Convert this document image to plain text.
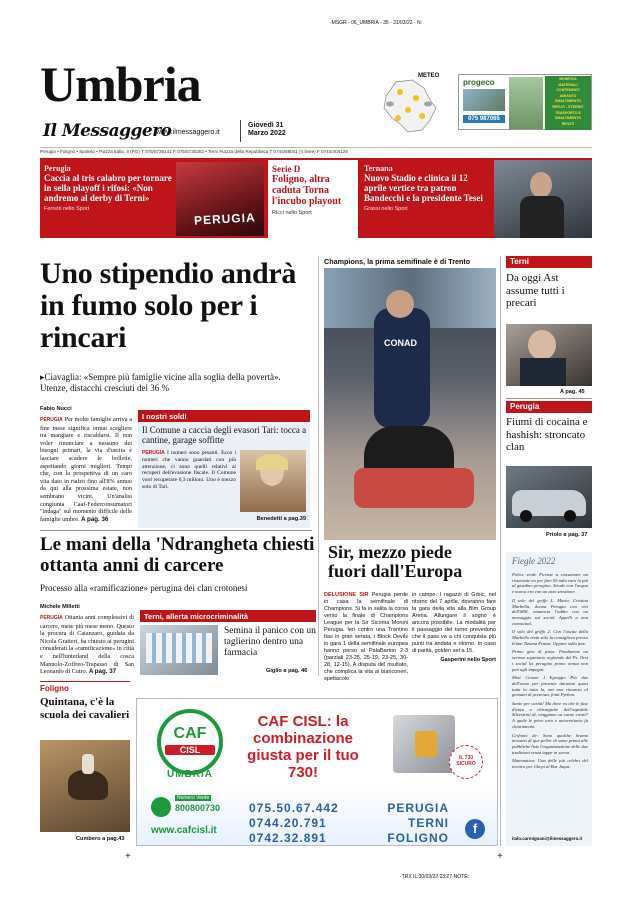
-MSGR - 06_UMBRIA - 35 - 31/03/22 - N:
-TRX IL:30/03/22 23:27-NOTE:
Umbria
Il Messaggero
www.ilmessaggero.it
Giovedì 31
Marzo 2022
METEO
progeco
075 987065
BONIFICA
MATERIALI
CONTENENTI
AMIANTO
SMALTIMENTO
RIFIUTI - ETERNIT
TRASPORTO E
SMALTIMENTO
RIFIUTI
Perugia • Foligno • Spoleto • Piazza Italia, 4 (PG) T 075/5736141 F 075/5730282 • Terni Piazza della Repubblica T 0744/58041 (4 linee) F 0744/404126
Perugia
Caccia al tris calabro per tornare in sella playoff i rifosi: «Non andremo al derby di Terni»
Ferretti nello Sport
PERUGIA
Serie D
Foligno, altra caduta Torna l'incubo playout
Ricci nello Sport
Ternana
Nuovo Stadio e clinica il 12 aprile vertice tra patron Bandecchi e la presidente Tesei
Grassi nello Sport
Uno stipendio andrà in fumo solo per i rincari
▸Ciavaglia: «Sempre più famiglie vicine alla soglia della povertà». Utenze, distacchi cresciuti del 36 %
Fabio Nucci
PERUGIA Per molte famiglie arriva a fine mese significa ormai scegliere tra mangiare e riscaldarsi. Il non voler rinunciare a nessuno dei bisogni primari, la via d'uscita è lasciare scadere le bollette, aspettando giorni migliori. Tempi che, con la prospettiva di un caro vita dato in rialzo fino all'8% annuo da qui alla prossima estate, non sembrano vicini. Un'analisi congiunta Caaf-Federconsumatori "indaga" sul momento difficile delle famiglie umbre. A pag. 36
I nostri soldi
Il Comune a caccia degli evasori Tari: tocca a cantine, garage soffitte
PERUGIA I numeri sono pesanti. Ecco i numeri che vanno guardati con più attenzione, ci sono quelli relativi ai recuperi dell'evasione fiscale. Il Comune vuol recuperare 6,3 milioni. Uno è mezzo solo di Tari.
Benedetti a pag.39
Champions, la prima semifinale è di Trento
CONAD
Sir, mezzo piede fuori dall'Europa
Terni
Da oggi Ast assume tutti i precari
A pag. 45
Perugia
Fiumi di cocaina e hashish: stroncato clan
Priolo a pag. 37
Le mani della 'Ndrangheta chiesti ottanta anni di carcere
Processo alla «ramificazione» perugina dei clan crotonesi
Michele Milletti
PERUGIA Ottanta anni complessivi di carcere, mese più mese meno. Questo la procura di Catanzaro, guidata da Nicola Gratteri, ha chiesto ai perugini considerati la «ramificazione» in città e nell'hinterland della cosca Mannolo-Zoffreo-Trapasso di San Leonardo di Cutro. A pag. 37
Terni, allerta microcriminalità
Semina il panico con un taglierino dentro una farmacia
Giglio a pag. 46
DELUSIONE SIR Perugia perde in casa la semifinale di Champions. Si fa in salita la corsa verso la finale di Champions League per la Sir Sicoma Monini Perugia. Ieri contro una Trentino Itas in gran serata, i Block Devils in gara 1 della semifinale europea hanno perso al PalaBarton 2-3 (parziali 23-25, 25-19, 23-25, 30-28, 12-15). A disputa del risultato, che complica la vita ai bianconeri, spettacolo
in campo. I ragazzi di Grbic, nel ritorno del 7 aprile, dovranno fare la gara della vita alla Blm Group Arena. Allungare il sogno è ancora possibile. La modalità per il passaggio del turno prevedono che il pass va a chi conquista più punti tra andata e ritorno. In caso di parità, golden set a 15.
Gasperini nello Sport
Foligno
Quintana, c'è la scuola dei cavalieri
Cumbero a pag.43
CAF
CISL
UMBRIA
CAF CISL: la combinazione giusta per il tuo 730!
IL 730 SICURO
Numero Verde
800800730
www.cafcisl.it
075.50.67.442	PERUGIA
0744.20.791	TERNI
0742.32.891	FOLIGNO
f
Fiegle 2022
Police verde Firenze a consumare un ristorante no per fare 50 mila euro in più al giardino perugino. Strade con l'acqua e nuova era con un asso strazione.
Il solo del griffo L. Maria. Cristina Murbella, donna Perugia con vivi dell'MSI, annuncia l'addio con un messaggio sui social. Appelli a non conosciuti.
Il solo del griffo 2. Con l'uscita della Murbello resta solo la consigliera presso Ielam Tiziana Franzi. Oppure sulla fare.
Primo giro di pista: Finalmente un serioso segretario regionale del Ps. Orsi i social lei perugino primo ormai non può agli impegni.
Moti Cenoni I Egrappo Più due dell'ossio per presente duranno quasi tutta la tutta la, ma non rinuncia al gennaio di presenza, fonti Pyrhon.
Santo per carità! Ma dove va che le fuse d'aneo a chirurgiche dell'ospedale Silvestrini di, viaggiano su carne cresti? A quale le prive urto e universitaria fa chiarimento.
Grifonet de: Sono qualche brama nessuno di que pellor di some prima alle pubbliche liste l'organizzazione delle due tradizioni senza tappe in scena.
Matematica: Una delle più celebri del tecnico per Ghepi al Bar Jaque.
italo.carmignani@ilmessaggero.it
+	+
